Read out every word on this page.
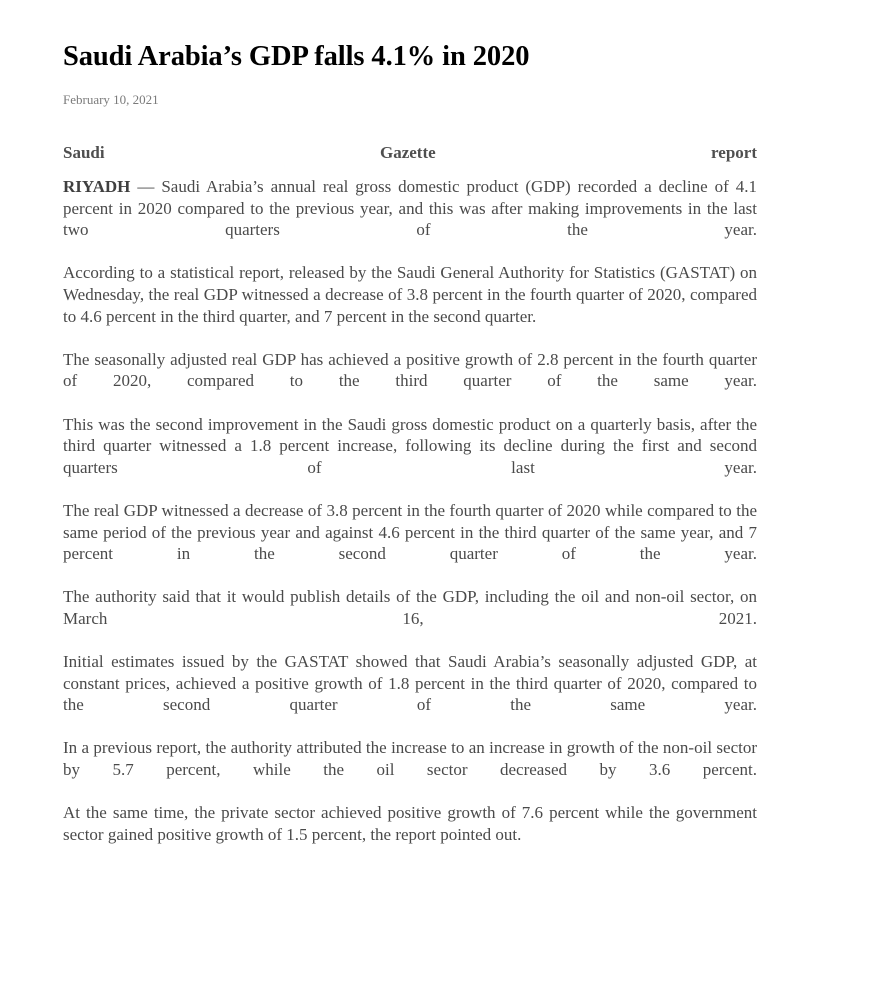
Saudi Arabia’s GDP falls 4.1% in 2020
February 10, 2021
Saudi	Gazette	report

RIYADH — Saudi Arabia’s annual real gross domestic product (GDP) recorded a decline of 4.1 percent in 2020 compared to the previous year, and this was after making improvements in the last two quarters of the year.

According to a statistical report, released by the Saudi General Authority for Statistics (GASTAT) on Wednesday, the real GDP witnessed a decrease of 3.8 percent in the fourth quarter of 2020, compared to 4.6 percent in the third quarter, and 7 percent in the second quarter.

The seasonally adjusted real GDP has achieved a positive growth of 2.8 percent in the fourth quarter of 2020, compared to the third quarter of the same year.

This was the second improvement in the Saudi gross domestic product on a quarterly basis, after the third quarter witnessed a 1.8 percent increase, following its decline during the first and second quarters of last year.

The real GDP witnessed a decrease of 3.8 percent in the fourth quarter of 2020 while compared to the same period of the previous year and against 4.6 percent in the third quarter of the same year, and 7 percent in the second quarter of the year.

The authority said that it would publish details of the GDP, including the oil and non-oil sector, on March 16, 2021.

Initial estimates issued by the GASTAT showed that Saudi Arabia’s seasonally adjusted GDP, at constant prices, achieved a positive growth of 1.8 percent in the third quarter of 2020, compared to the second quarter of the same year.

In a previous report, the authority attributed the increase to an increase in growth of the non-oil sector by 5.7 percent, while the oil sector decreased by 3.6 percent.

At the same time, the private sector achieved positive growth of 7.6 percent while the government sector gained positive growth of 1.5 percent, the report pointed out.
